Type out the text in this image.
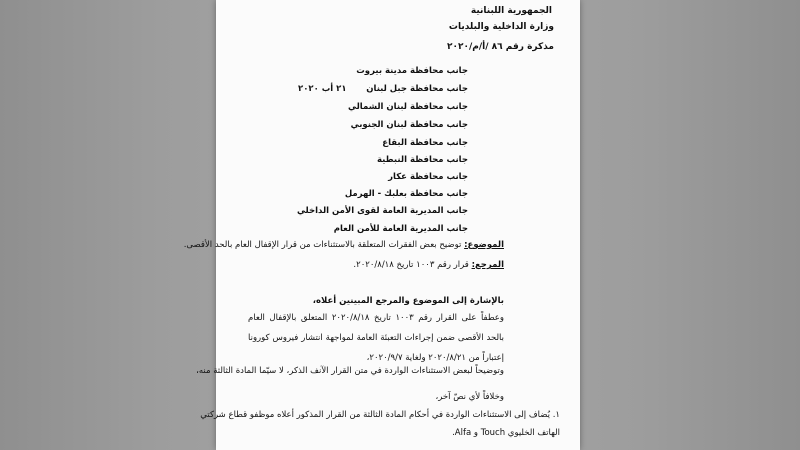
الجمهورية اللبنانية
وزارة الداخلية والبلديات
مذكرة رقم ٨٦ /أ/م/٢٠٢٠
٢١ أب ٢٠٢٠
جانب محافظة مدينة بيروت
جانب محافظة جبل لبنان
جانب محافظة لبنان الشمالي
جانب محافظة لبنان الجنوبي
جانب محافظة البقاع
جانب محافظة النبطية
جانب محافظة عكار
جانب محافظة بعلبك - الهرمل
جانب المديرية العامة لقوى الأمن الداخلي
جانب المديرية العامة للأمن العام
الموضوع: توضيح بعض الفقرات المتعلقة بالاستثناءات من قرار الإقفال العام بالحد الأقصى.
المرجع: قرار رقم ١٠٠٣ تاريخ ٢٠٢٠/٨/١٨.
بالإشارة إلى الموضوع والمرجع المبينين أعلاه،
وعطفاً على القرار رقم ١٠٠٣ تاريخ ٢٠٢٠/٨/١٨ المتعلق بالإقفال العام بالحد الأقصى ضمن إجراءات التعبئة العامة لمواجهة انتشار فيروس كورونا إعتباراً من ٢٠٢٠/٨/٢١ ولغاية ٢٠٢٠/٩/٧،
وتوضيحاً لبعض الاستثناءات الواردة في متن القرار الآنف الذكر، لا سيّما المادة الثالثة منه،
وخلافاً لأي نصّ آخر،
١. يُضاف إلى الاستثناءات الواردة في أحكام المادة الثالثة من القرار المذكور أعلاه موظفو قطاع شركتي
الهاتف الخليوي Touch و Alfa.
